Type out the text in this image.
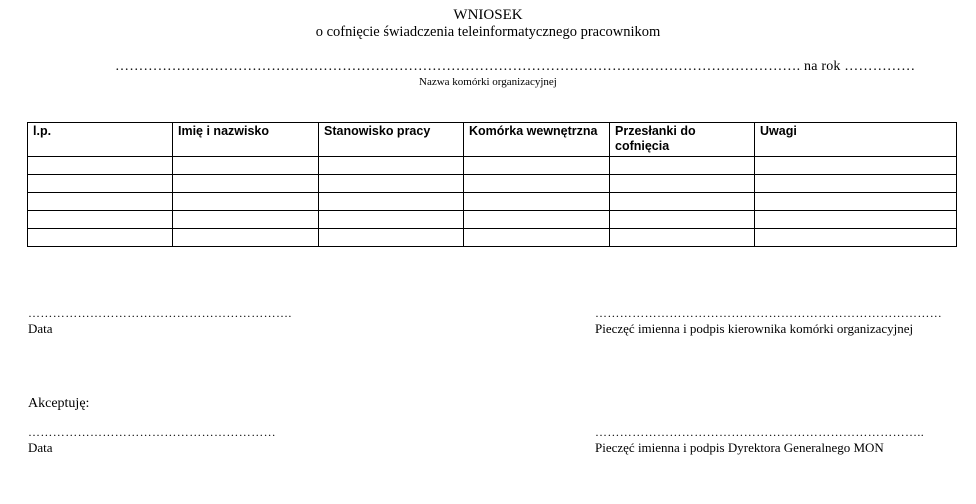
WNIOSEK
o cofnięcie świadczenia teleinformatycznego pracownikom
………………………………………………………………………………………………………………………………. na rok ……………
Nazwa komórki organizacyjnej
l.p.	Imię i nazwisko	Stanowisko pracy	Komórka wewnętrzna	Przesłanki do cofnięcia	Uwagi

……………………………………………………….
Data
…………………………………………………………………………
Pieczęć imienna i podpis kierownika komórki organizacyjnej
Akceptuję:
……………………………………………………
Data
……………………………………………………………………..
Pieczęć imienna i podpis Dyrektora Generalnego MON
